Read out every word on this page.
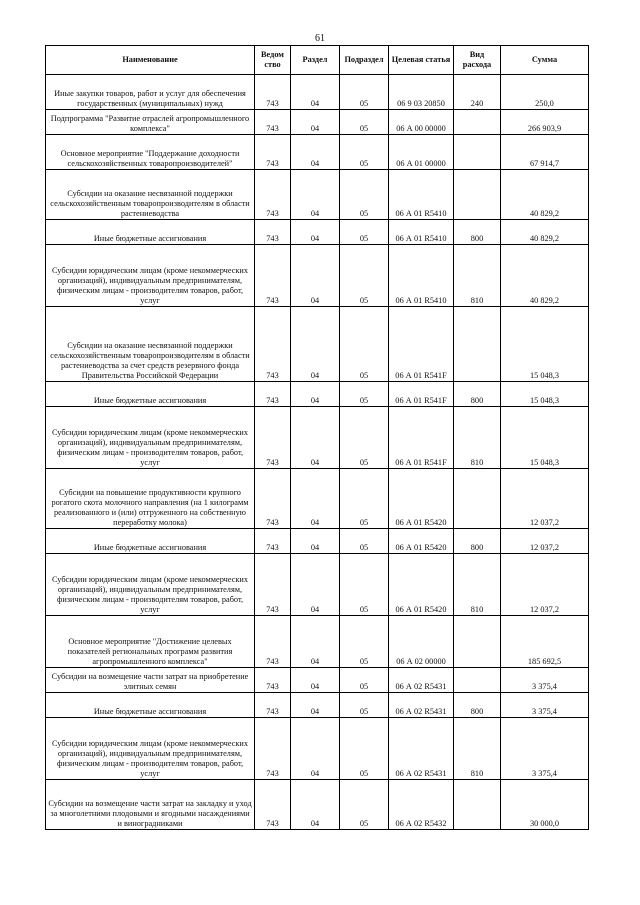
61
Наименование	Ведом ство	Раздел	Подраздел	Целевая статья	Вид расхода	Сумма
Иные закупки товаров, работ и услуг для обеспечения государственных (муниципальных) нужд	743	04	05	06 9 03 20850	240	250,0
Подпрограмма "Развитие отраслей агропромышленного комплекса"	743	04	05	06 А 00 00000		266 903,9
Основное мероприятие "Поддержание доходности сельскохозяйственных товаропроизводителей"	743	04	05	06 А 01 00000		67 914,7
Субсидии на оказание несвязанной поддержки сельскохозяйственным товаропроизводителям в области растениеводства	743	04	05	06 А 01 R5410		40 829,2
Иные бюджетные ассигнования	743	04	05	06 А 01 R5410	800	40 829,2
Субсидии юридическим лицам (кроме некоммерческих организаций), индивидуальным предпринимателям, физическим лицам - производителям товаров, работ, услуг	743	04	05	06 А 01 R5410	810	40 829,2
Субсидии на оказание несвязанной поддержки сельскохозяйственным товаропроизводителям в области растениеводства за счет средств резервного фонда Правительства Российской Федерации	743	04	05	06 А 01 R541F		15 048,3
Иные бюджетные ассигнования	743	04	05	06 А 01 R541F	800	15 048,3
Субсидии юридическим лицам (кроме некоммерческих организаций), индивидуальным предпринимателям, физическим лицам - производителям товаров, работ, услуг	743	04	05	06 А 01 R541F	810	15 048,3
Субсидии на повышение продуктивности крупного рогатого скота молочного направления (на 1 килограмм реализованного и (или) отгруженного на собственную переработку молока)	743	04	05	06 А 01 R5420		12 037,2
Иные бюджетные ассигнования	743	04	05	06 А 01 R5420	800	12 037,2
Субсидии юридическим лицам (кроме некоммерческих организаций), индивидуальным предпринимателям, физическим лицам - производителям товаров, работ, услуг	743	04	05	06 А 01 R5420	810	12 037,2
Основное мероприятие "Достижение целевых показателей региональных программ развития агропромышленного комплекса"	743	04	05	06 А 02 00000		185 692,5
Субсидии на возмещение части затрат на приобретение элитных семян	743	04	05	06 А 02 R5431		3 375,4
Иные бюджетные ассигнования	743	04	05	06 А 02 R5431	800	3 375,4
Субсидии юридическим лицам (кроме некоммерческих организаций), индивидуальным предпринимателям, физическим лицам - производителям товаров, работ, услуг	743	04	05	06 А 02 R5431	810	3 375,4
Субсидии на возмещение части затрат на закладку и уход за многолетними плодовыми и ягодными насаждениями и виноградниками	743	04	05	06 А 02 R5432		30 000,0
